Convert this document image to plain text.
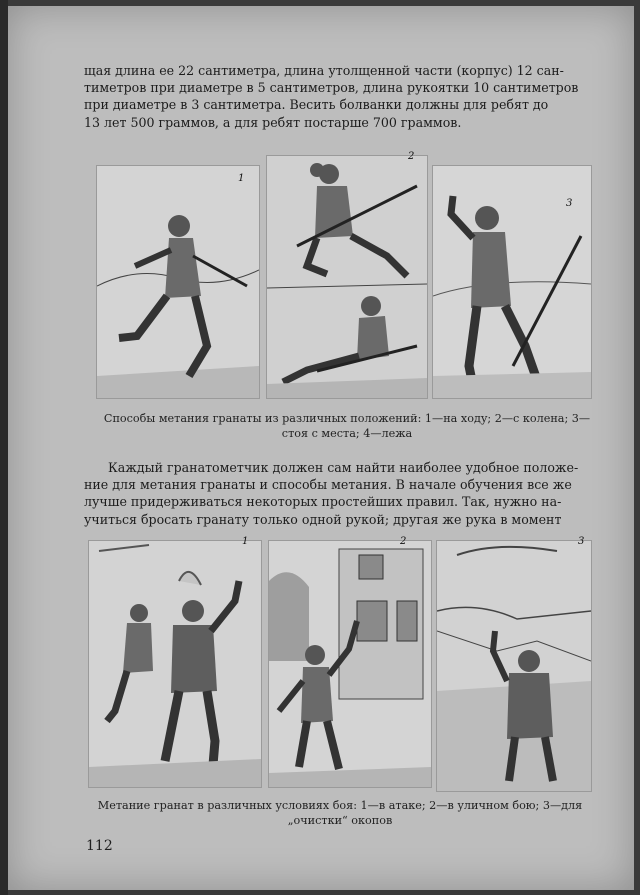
щая длина ее 22 сантиметра, длина утолщенной части (корпус) 12 сан-
тиметров при диаметре в 5 сантиметров, длина рукоятки 10 сантиметров
при диаметре в 3 сантиметра. Весить болванки должны для ребят до
13 лет 500 граммов, а для ребят постарше 700 граммов.
1
2
3
Способы метания гранаты из различных положений: 1—на ходу; 2—с колена; 3—
стоя с места; 4—лежа
Каждый гранатометчик должен сам найти наиболее удобное положе-
ние для метания гранаты и способы метания. В начале обучения все же
лучше придерживаться некоторых простейших правил. Так, нужно на-
учиться бросать гранату только одной рукой; другая же рука в момент
1	2	3
Метание гранат в различных условиях боя: 1—в атаке; 2—в уличном бою; 3—для
„очистки“ окопов
112
